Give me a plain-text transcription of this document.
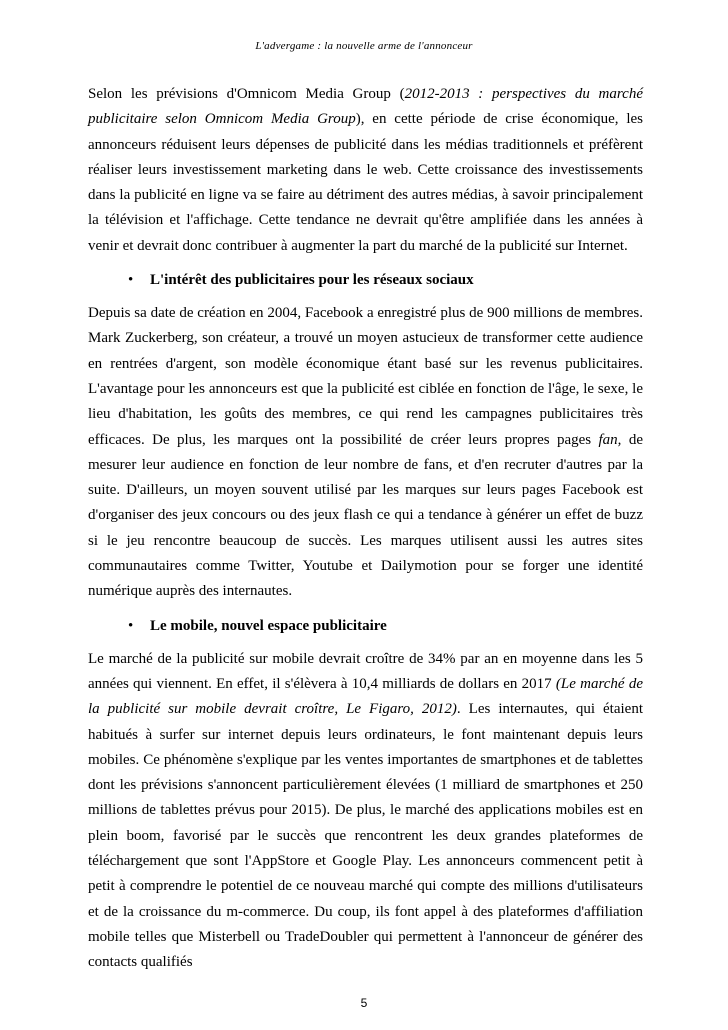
L'advergame : la nouvelle arme de l'annonceur

Selon les prévisions d'Omnicom Media Group (2012-2013 : perspectives du marché publicitaire selon Omnicom Media Group), en cette période de crise économique, les annonceurs réduisent leurs dépenses de publicité dans les médias traditionnels et préfèrent réaliser leurs investissement marketing dans le web. Cette croissance des investissements dans la publicité en ligne va se faire au détriment des autres médias, à savoir principalement la télévision et l'affichage. Cette tendance ne devrait qu'être amplifiée dans les années à venir et devrait donc contribuer à augmenter la part du marché de la publicité sur Internet.

•	L'intérêt des publicitaires pour les réseaux sociaux

Depuis sa date de création en 2004, Facebook a enregistré plus de 900 millions de membres. Mark Zuckerberg, son créateur, a trouvé un moyen astucieux de transformer cette audience en rentrées d'argent, son modèle économique étant basé sur les revenus publicitaires. L'avantage pour les annonceurs est que la publicité est ciblée en fonction de l'âge, le sexe, le lieu d'habitation, les goûts des membres, ce qui rend les campagnes publicitaires très efficaces. De plus, les marques ont la possibilité de créer leurs propres pages fan, de mesurer leur audience en fonction de leur nombre de fans, et d'en recruter d'autres par la suite. D'ailleurs, un moyen souvent utilisé par les marques sur leurs pages Facebook est d'organiser des jeux concours ou des jeux flash ce qui a tendance à générer un effet de buzz si le jeu rencontre beaucoup de succès. Les marques utilisent aussi les autres sites communautaires comme Twitter, Youtube et Dailymotion pour se forger une identité numérique auprès des internautes.

•	Le mobile, nouvel espace publicitaire

Le marché de la publicité sur mobile devrait croître de 34% par an en moyenne dans les 5 années qui viennent. En effet, il s'élèvera à 10,4 milliards de dollars en 2017 (Le marché de la publicité sur mobile devrait croître, Le Figaro, 2012). Les internautes, qui étaient habitués à surfer sur internet depuis leurs ordinateurs, le font maintenant depuis leurs mobiles. Ce phénomène s'explique par les ventes importantes de smartphones et de tablettes dont les prévisions s'annoncent particulièrement élevées (1 milliard de smartphones et 250 millions de tablettes prévus pour 2015). De plus, le marché des applications mobiles est en plein boom, favorisé par le succès que rencontrent les deux grandes plateformes de téléchargement que sont l'AppStore et Google Play. Les annonceurs commencent petit à petit à comprendre le potentiel de ce nouveau marché qui compte des millions d'utilisateurs et de la croissance du m-commerce. Du coup, ils font appel à des plateformes d'affiliation mobile telles que Misterbell ou TradeDoubler qui permettent à l'annonceur de générer des contacts qualifiés

5
